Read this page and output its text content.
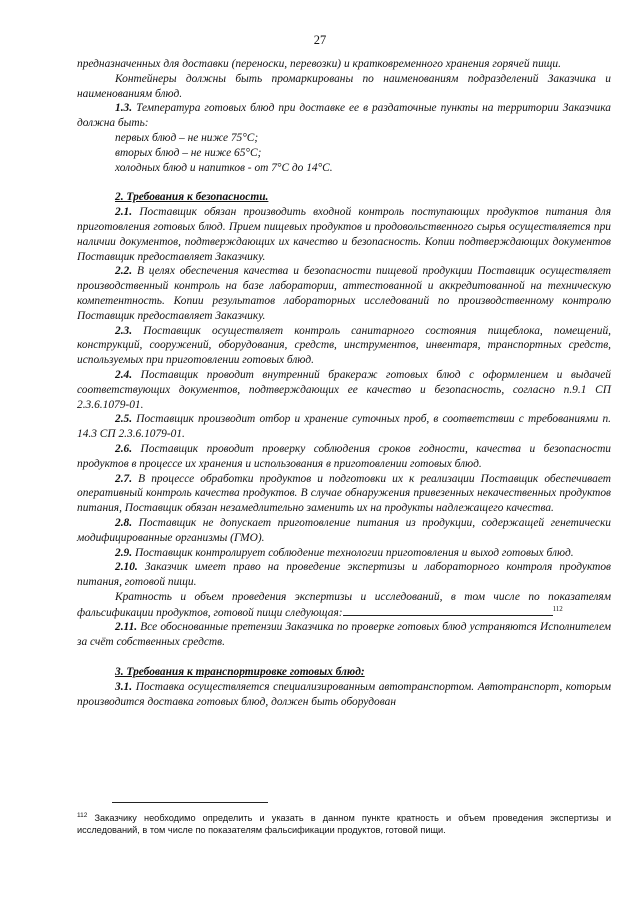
27

предназначенных для доставки (переноски, перевозки) и кратковременного хранения горячей пищи.

Контейнеры должны быть промаркированы по наименованиям подразделений Заказчика и наименованиям блюд.

1.3. Температура готовых блюд при доставке ее в раздаточные пункты на территории Заказчика должна быть:

первых блюд – не ниже 75°С;

вторых блюд – не ниже 65°С;

холодных блюд и напитков - от 7°С до 14°С.

2. Требования к безопасности.

2.1. Поставщик обязан производить входной контроль поступающих продуктов питания для приготовления готовых блюд. Прием пищевых продуктов и продовольственного сырья осуществляется при наличии документов, подтверждающих их качество и безопасность. Копии подтверждающих документов Поставщик предоставляет Заказчику.

2.2. В целях обеспечения качества и безопасности пищевой продукции Поставщик осуществляет производственный контроль на базе лаборатории, аттестованной и аккредитованной на техническую компетентность. Копии результатов лабораторных исследований по производственному контролю Поставщик предоставляет Заказчику.

2.3. Поставщик осуществляет контроль санитарного состояния пищеблока, помещений, конструкций, сооружений, оборудования, средств, инструментов, инвентаря, транспортных средств, используемых при приготовлении готовых блюд.

2.4. Поставщик проводит внутренний бракераж готовых блюд с оформлением и выдачей соответствующих документов, подтверждающих ее качество и безопасность, согласно п.9.1 СП 2.3.6.1079-01.

2.5. Поставщик производит отбор и хранение суточных проб, в соответствии с требованиями п. 14.3 СП 2.3.6.1079-01.

2.6. Поставщик проводит проверку соблюдения сроков годности, качества и безопасности продуктов в процессе их хранения и использования в приготовлении готовых блюд.

2.7. В процессе обработки продуктов и подготовки их к реализации Поставщик обеспечивает оперативный контроль качества продуктов. В случае обнаружения привезенных некачественных продуктов питания, Поставщик обязан незамедлительно заменить их на продукты надлежащего качества.

2.8. Поставщик не допускает приготовление питания из продукции, содержащей генетически модифицированные организмы (ГМО).

2.9. Поставщик контролирует соблюдение технологии приготовления и выход готовых блюд.

2.10. Заказчик имеет право на проведение экспертизы и лабораторного контроля продуктов питания, готовой пищи.

Кратность и объем проведения экспертизы и исследований, в том числе по показателям фальсификации продуктов, готовой пищи следующая:	$^{112}$

2.11. Все обоснованные претензии Заказчика по проверке готовых блюд устраняются Исполнителем за счёт собственных средств.

3. Требования к транспортировке готовых блюд:

3.1. Поставка осуществляется специализированным автотранспортом. Автотранспорт, которым производится доставка готовых блюд, должен быть оборудован

$^{112}$ Заказчику необходимо определить и указать в данном пункте кратность и объем проведения экспертизы и исследований, в том числе по показателям фальсификации продуктов, готовой пищи.
